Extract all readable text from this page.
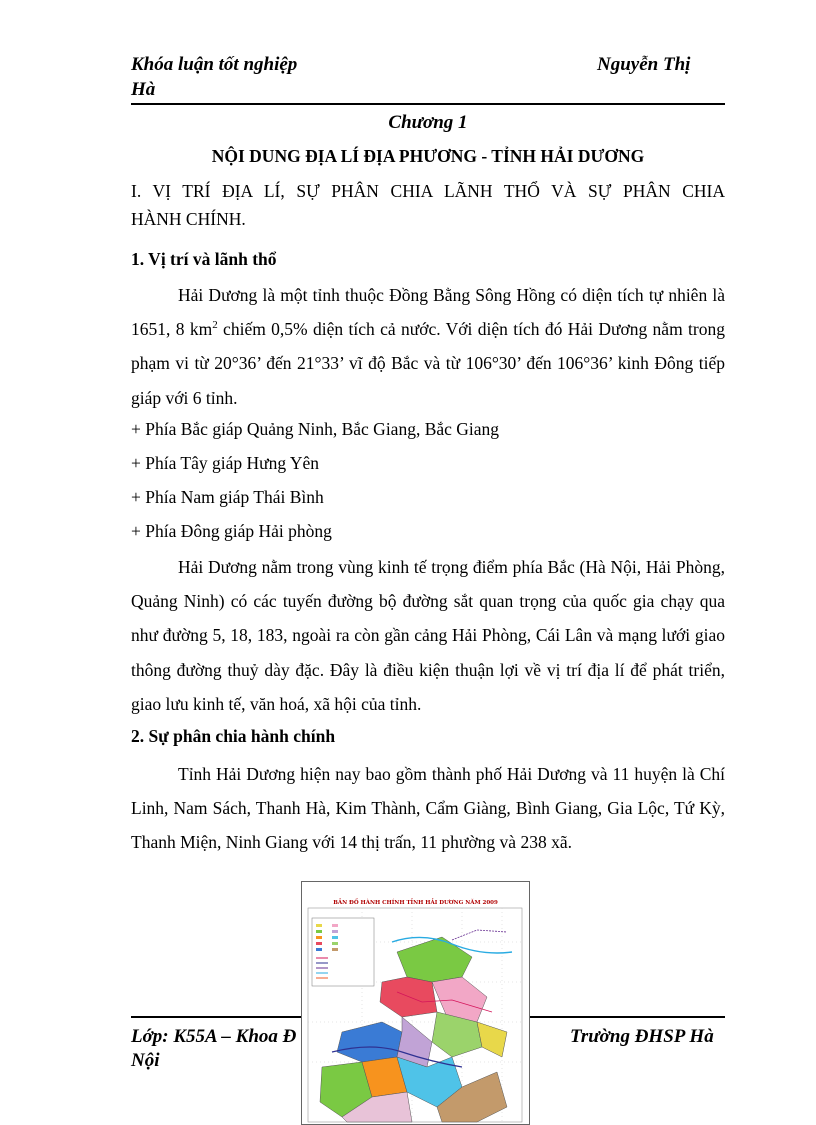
Khóa luận tốt nghiệp	Nguyễn Thị
Hà
Chương 1
NỘI DUNG ĐỊA LÍ ĐỊA PHƯƠNG - TỈNH HẢI DƯƠNG
I. VỊ TRÍ ĐỊA LÍ, SỰ PHÂN CHIA LÃNH THỔ VÀ SỰ PHÂN CHIA
HÀNH CHÍNH.
1. Vị trí và lãnh thổ
Hải Dương là một tỉnh thuộc Đồng Bằng Sông Hồng có diện tích tự nhiên là 1651, 8 $km^2$ chiếm 0,5% diện tích cả nước. Với diện tích đó Hải Dương nằm trong phạm vi từ 20°36’ đến 21°33’ vĩ độ Bắc và từ 106°30’ đến 106°36’ kinh Đông tiếp giáp với 6 tỉnh.
+ Phía Bắc giáp Quảng Ninh, Bắc Giang, Bắc Giang
+ Phía Tây giáp Hưng Yên
+ Phía Nam giáp Thái Bình
+ Phía Đông giáp Hải phòng
Hải Dương nằm trong vùng kinh tế trọng điểm phía Bắc (Hà Nội, Hải Phòng, Quảng Ninh) có các tuyến đường bộ đường sắt quan trọng của quốc gia chạy qua như đường 5, 18, 183, ngoài ra còn gần cảng Hải Phòng, Cái Lân và mạng lưới giao thông đường thuỷ dày đặc. Đây là điều kiện thuận lợi về vị trí địa lí để phát triển, giao lưu kinh tế, văn hoá, xã hội của tỉnh.
2. Sự phân chia hành chính
Tỉnh Hải Dương hiện nay bao gồm thành phố Hải Dương và 11 huyện là Chí Linh, Nam Sách, Thanh Hà, Kim Thành, Cẩm Giàng, Bình Giang, Gia Lộc, Tứ Kỳ, Thanh Miện, Ninh Giang với 14 thị trấn, 11 phường và 238 xã.
Lớp: K55A – Khoa Đ	Trường ĐHSP Hà
Nội
BẢN ĐỒ HÀNH CHÍNH TỈNH HẢI DƯƠNG NĂM 2009
